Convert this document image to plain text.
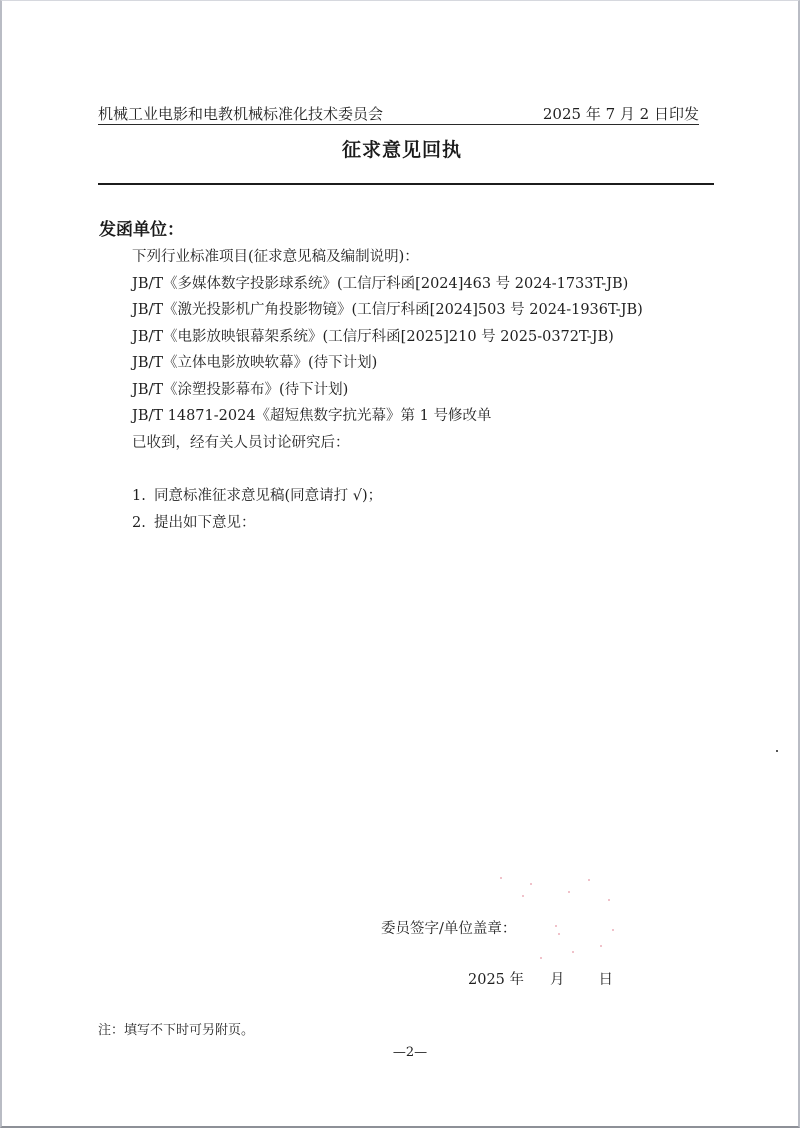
机械工业电影和电教机械标准化技术委员会	2025 年 7 月 2 日印发
征求意见回执
发函单位：
下列行业标准项目(征求意见稿及编制说明)：
JB/T《多媒体数字投影球系统》(工信厅科函[2024]463 号 2024-1733T-JB)
JB/T《激光投影机广角投影物镜》(工信厅科函[2024]503 号 2024-1936T-JB)
JB/T《电影放映银幕架系统》(工信厅科函[2025]210 号 2025-0372T-JB)
JB/T《立体电影放映软幕》(待下计划)
JB/T《涂塑投影幕布》(待下计划)
JB/T 14871-2024《超短焦数字抗光幕》第 1 号修改单
已收到，经有关人员讨论研究后：
1. 同意标准征求意见稿(同意请打 √)；
2. 提出如下意见：
委员签字/单位盖章：
2025 年 月 日
注：填写不下时可另附页。
—2—
